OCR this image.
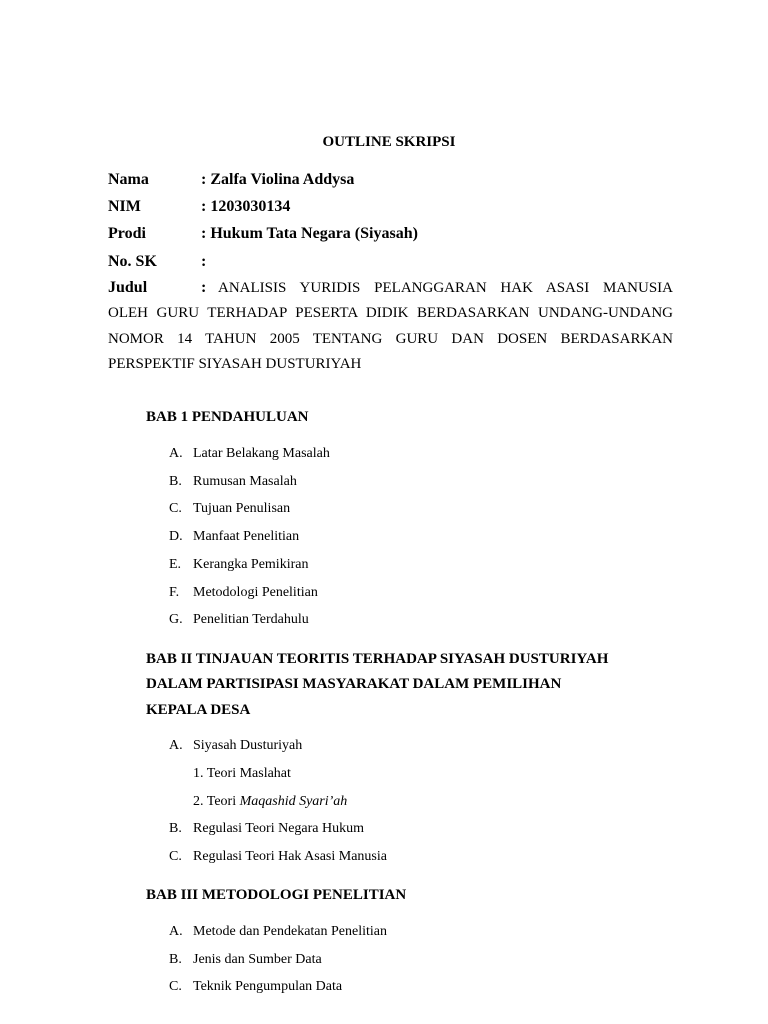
OUTLINE SKRIPSI
Nama	: Zalfa Violina Addysa
NIM	: 1203030134
Prodi	: Hukum Tata Negara (Siyasah)
No. SK	:
Judul	: ANALISIS YURIDIS PELANGGARAN HAK ASASI MANUSIA
OLEH GURU TERHADAP PESERTA DIDIK BERDASARKAN UNDANG-UNDANG
NOMOR 14 TAHUN 2005 TENTANG GURU DAN DOSEN BERDASARKAN
PERSPEKTIF SIYASAH DUSTURIYAH
BAB 1 PENDAHULUAN
A. Latar Belakang Masalah
B. Rumusan Masalah
C. Tujuan Penulisan
D. Manfaat Penelitian
E. Kerangka Pemikiran
F. Metodologi Penelitian
G. Penelitian Terdahulu
BAB II TINJAUAN TEORITIS TERHADAP SIYASAH DUSTURIYAH
DALAM PARTISIPASI MASYARAKAT DALAM PEMILIHAN
KEPALA DESA
A. Siyasah Dusturiyah
1. Teori Maslahat
2. Teori Maqashid Syari’ah
B. Regulasi Teori Negara Hukum
C. Regulasi Teori Hak Asasi Manusia
BAB III METODOLOGI PENELITIAN
A. Metode dan Pendekatan Penelitian
B. Jenis dan Sumber Data
C. Teknik Pengumpulan Data
